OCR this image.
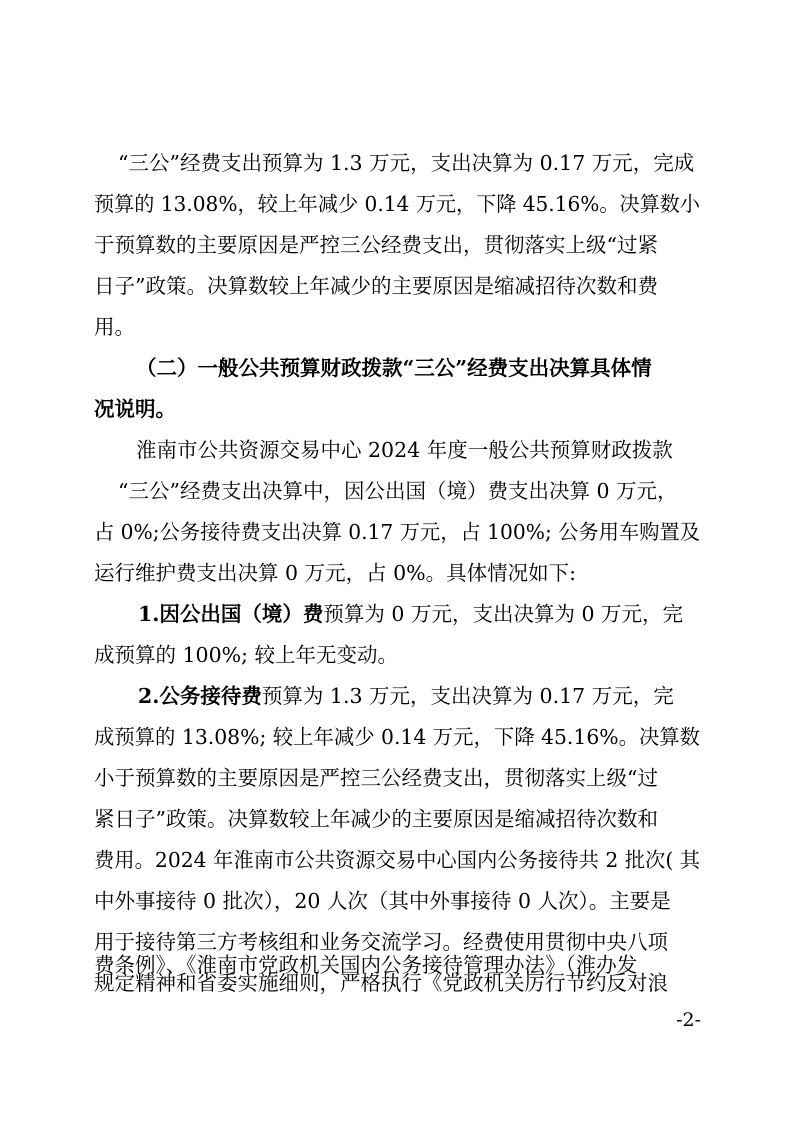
“三公”经费支出预算为 1.3 万元，支出决算为 0.17 万元，完成
预算的 13.08%，较上年减少 0.14 万元，下降 45.16%。决算数小
于预算数的主要原因是严控三公经费支出，贯彻落实上级“过紧
日子”政策。决算数较上年减少的主要原因是缩减招待次数和费
用。
（二）一般公共预算财政拨款“三公”经费支出决算具体情
况说明。
淮南市公共资源交易中心 2024 年度一般公共预算财政拨款
“三公”经费支出决算中，因公出国（境）费支出决算 0 万元，
占 0%;公务接待费支出决算 0.17 万元，占 100%; 公务用车购置及
运行维护费支出决算 0 万元，占 0%。具体情况如下:
1.因公出国（境）费预算为 0 万元，支出决算为 0 万元，完
成预算的 100%; 较上年无变动。
2.公务接待费预算为 1.3 万元，支出决算为 0.17 万元，完
成预算的 13.08%; 较上年减少 0.14 万元，下降 45.16%。决算数
小于预算数的主要原因是严控三公经费支出，贯彻落实上级“过
紧日子”政策。决算数较上年减少的主要原因是缩减招待次数和
费用。2024 年淮南市公共资源交易中心国内公务接待共 2 批次( 其
中外事接待 0 批次），20 人次（其中外事接待 0 人次）。主要是
用于接待第三方考核组和业务交流学习。经费使用贯彻中央八项
规定精神和省委实施细则，严格执行《党政机关厉行节约反对浪
费条例》、《淮南市党政机关国内公务接待管理办法》（淮办发
-2-
